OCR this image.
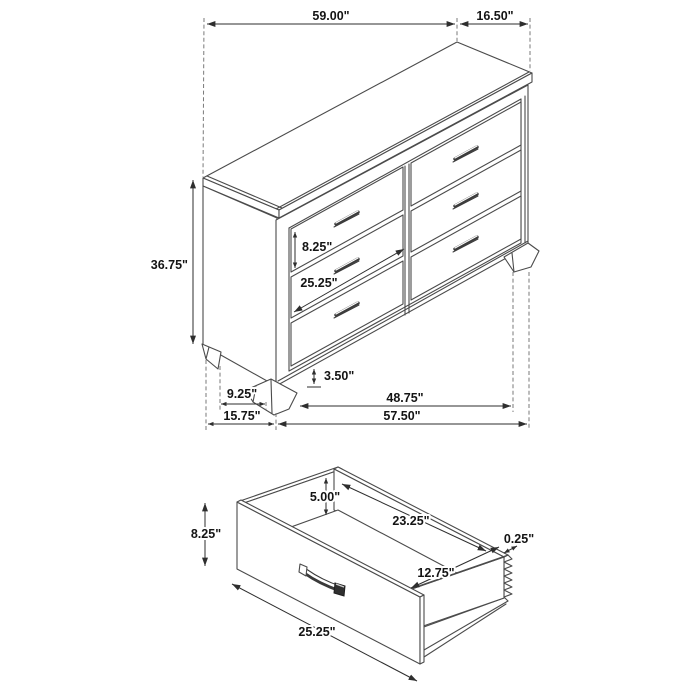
59.00"	16.50"
36.75"
8.25"
25.25"
9.25"
15.75"
3.50"
48.75"
57.50"
8.25"
5.00"
23.25"
0.25"
12.75"
25.25"
